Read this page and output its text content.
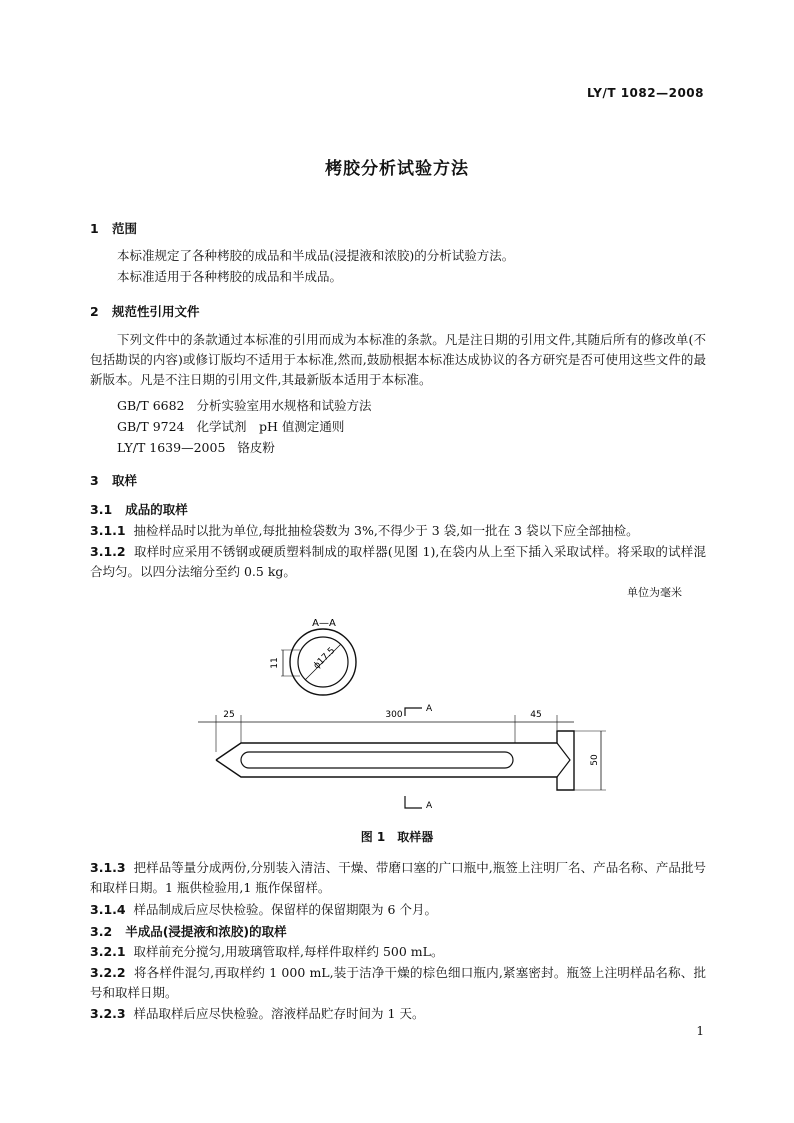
LY/T 1082—2008
栲胶分析试验方法
1 范围
本标准规定了各种栲胶的成品和半成品(浸提液和浓胶)的分析试验方法。
本标准适用于各种栲胶的成品和半成品。
2 规范性引用文件
下列文件中的条款通过本标准的引用而成为本标准的条款。凡是注日期的引用文件,其随后所有的修改单(不包括勘误的内容)或修订版均不适用于本标准,然而,鼓励根据本标准达成协议的各方研究是否可使用这些文件的最新版本。凡是不注日期的引用文件,其最新版本适用于本标准。
GB/T 6682 分析实验室用水规格和试验方法
GB/T 9724 化学试剂　pH 值测定通则
LY/T 1639—2005 铬皮粉
3 取样
3.1 成品的取样
3.1.1 抽检样品时以批为单位,每批抽检袋数为 3%,不得少于 3 袋,如一批在 3 袋以下应全部抽检。
3.1.2 取样时应采用不锈钢或硬质塑料制成的取样器(见图 1),在袋内从上至下插入采取试样。将采取的试样混合均匀。以四分法缩分至约 0.5 kg。
单位为毫米
A—A
11	ϕ17.5
25	300	45
50
A
A
图 1　取样器
3.1.3 把样品等量分成两份,分别装入清洁、干燥、带磨口塞的广口瓶中,瓶签上注明厂名、产品名称、产品批号和取样日期。1 瓶供检验用,1 瓶作保留样。
3.1.4 样品制成后应尽快检验。保留样的保留期限为 6 个月。
3.2 半成品(浸提液和浓胶)的取样
3.2.1 取样前充分搅匀,用玻璃管取样,每样件取样约 500 mL。
3.2.2 将各样件混匀,再取样约 1 000 mL,装于洁净干燥的棕色细口瓶内,紧塞密封。瓶签上注明样品名称、批号和取样日期。
3.2.3 样品取样后应尽快检验。溶液样品贮存时间为 1 天。
1
